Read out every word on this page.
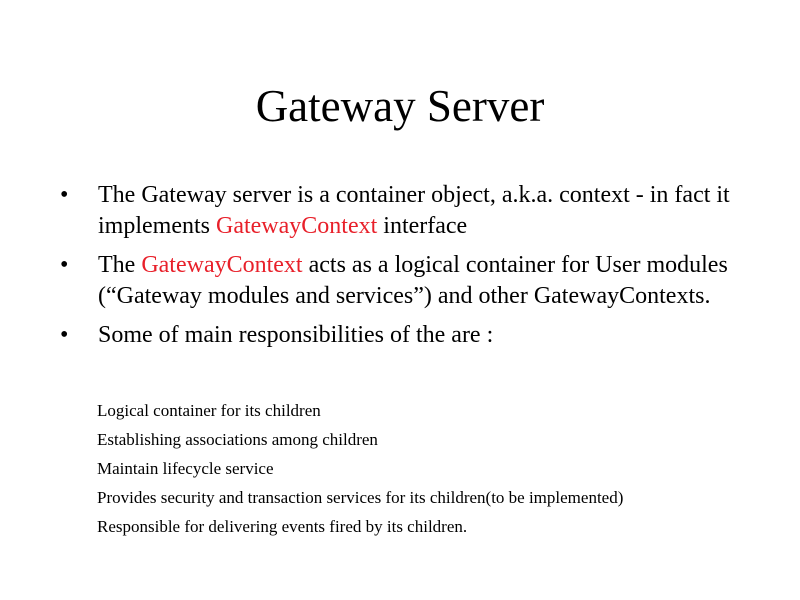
Gateway Server
• The Gateway server is a container object, a.k.a. context - in fact it implements GatewayContext interface
• The GatewayContext acts as a logical container for User modules (“Gateway modules and services”) and other GatewayContexts.
• Some of main responsibilities of the are :
Logical container for its children
Establishing associations among children
Maintain lifecycle service
Provides security and transaction services for its children(to be implemented)
Responsible for delivering events fired by its children.
